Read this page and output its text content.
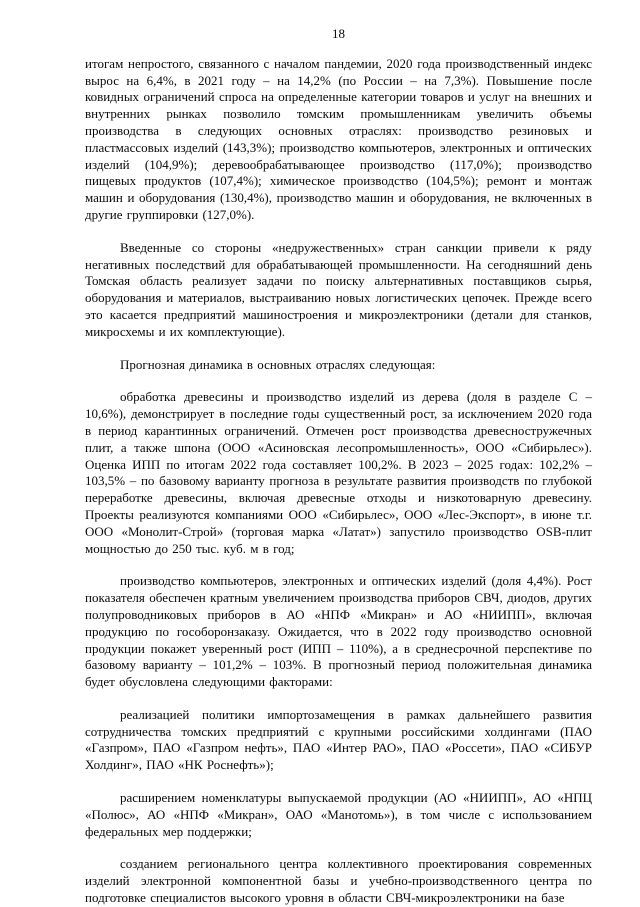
18

итогам непростого, связанного с началом пандемии, 2020 года производственный индекс вырос на 6,4%, в 2021 году – на 14,2% (по России – на 7,3%). Повышение после ковидных ограничений спроса на определенные категории товаров и услуг на внешних и внутренних рынках позволило томским промышленникам увеличить объемы производства в следующих основных отраслях: производство резиновых и пластмассовых изделий (143,3%); производство компьютеров, электронных и оптических изделий (104,9%); деревообрабатывающее производство (117,0%); производство пищевых продуктов (107,4%); химическое производство (104,5%); ремонт и монтаж машин и оборудования (130,4%), производство машин и оборудования, не включенных в другие группировки (127,0%).

Введенные со стороны «недружественных» стран санкции привели к ряду негативных последствий для обрабатывающей промышленности. На сегодняшний день Томская область реализует задачи по поиску альтернативных поставщиков сырья, оборудования и материалов, выстраиванию новых логистических цепочек. Прежде всего это касается предприятий машиностроения и микроэлектроники (детали для станков, микросхемы и их комплектующие).

Прогнозная динамика в основных отраслях следующая:

обработка древесины и производство изделий из дерева (доля в разделе С – 10,6%), демонстрирует в последние годы существенный рост, за исключением 2020 года в период карантинных ограничений. Отмечен рост производства древесностружечных плит, а также шпона (ООО «Асиновская лесопромышленность», ООО «Сибирьлес»). Оценка ИПП по итогам 2022 года составляет 100,2%. В 2023 – 2025 годах: 102,2% – 103,5% – по базовому варианту прогноза в результате развития производств по глубокой переработке древесины, включая древесные отходы и низкотоварную древесину. Проекты реализуются компаниями ООО «Сибирьлес», ООО «Лес-Экспорт», в июне т.г. ООО «Монолит-Строй» (торговая марка «Латат») запустило производство OSB-плит мощностью до 250 тыс. куб. м в год;

производство компьютеров, электронных и оптических изделий (доля 4,4%). Рост показателя обеспечен кратным увеличением производства приборов СВЧ, диодов, других полупроводниковых приборов в АО «НПФ «Микран» и АО «НИИПП», включая продукцию по гособоронзаказу. Ожидается, что в 2022 году производство основной продукции покажет уверенный рост (ИПП – 110%), а в среднесрочной перспективе по базовому варианту – 101,2% – 103%. В прогнозный период положительная динамика будет обусловлена следующими факторами:

реализацией политики импортозамещения в рамках дальнейшего развития сотрудничества томских предприятий с крупными российскими холдингами (ПАО «Газпром», ПАО «Газпром нефть», ПАО «Интер РАО», ПАО «Россети», ПАО «СИБУР Холдинг», ПАО «НК Роснефть»);

расширением номенклатуры выпускаемой продукции (АО «НИИПП», АО «НПЦ «Полюс», АО «НПФ «Микран», ОАО «Манотомь»), в том числе с использованием федеральных мер поддержки;

созданием регионального центра коллективного проектирования современных изделий электронной компонентной базы и учебно-производственного центра по подготовке специалистов высокого уровня в области СВЧ-микроэлектроники на базе
